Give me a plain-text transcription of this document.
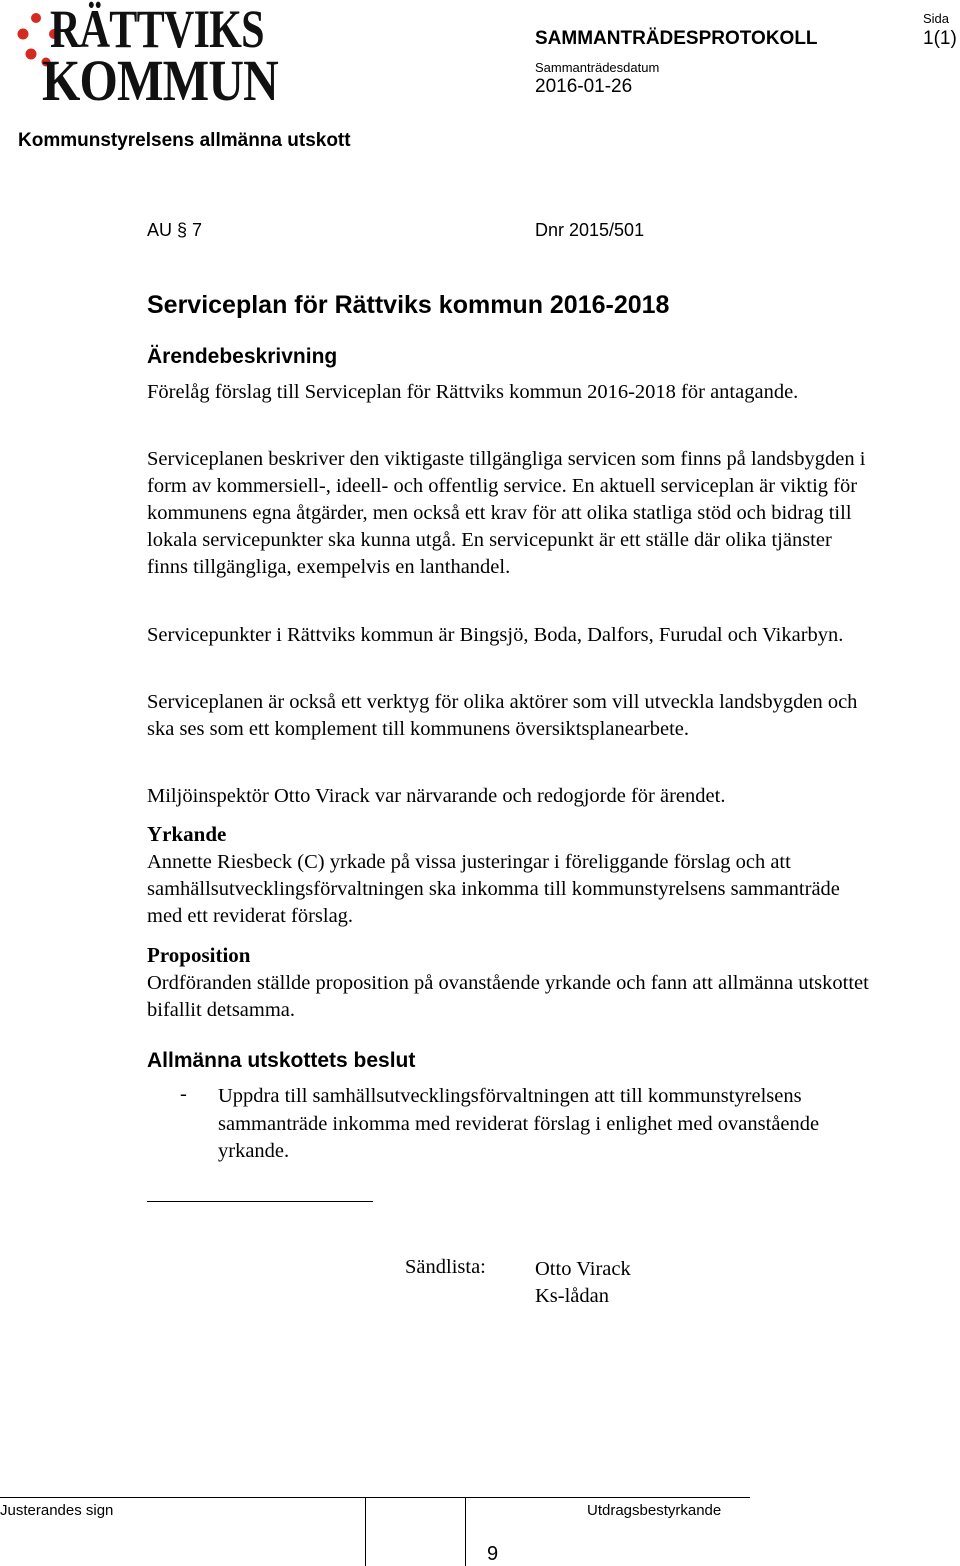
RÄTTVIKS
KOMMUN
SAMMANTRÄDESPROTOKOLL
Sammanträdesdatum
2016-01-26
Sida
1(1)
Kommunstyrelsens allmänna utskott
AU § 7	Dnr 2015/501
Serviceplan för Rättviks kommun 2016-2018
Ärendebeskrivning

Förelåg förslag till Serviceplan för Rättviks kommun 2016-2018 för antagande.

Serviceplanen beskriver den viktigaste tillgängliga servicen som finns på landsbygden i form av kommersiell-, ideell- och offentlig service. En aktuell serviceplan är viktig för kommunens egna åtgärder, men också ett krav för att olika statliga stöd och bidrag till lokala servicepunkter ska kunna utgå. En servicepunkt är ett ställe där olika tjänster finns tillgängliga, exempelvis en lanthandel.

Servicepunkter i Rättviks kommun är Bingsjö, Boda, Dalfors, Furudal och Vikarbyn.

Serviceplanen är också ett verktyg för olika aktörer som vill utveckla landsbygden och ska ses som ett komplement till kommunens översiktsplanearbete.

Miljöinspektör Otto Virack var närvarande och redogjorde för ärendet.

Yrkande

Annette Riesbeck (C) yrkade på vissa justeringar i föreliggande förslag och att samhällsutvecklingsförvaltningen ska inkomma till kommunstyrelsens sammanträde med ett reviderat förslag.

Proposition

Ordföranden ställde proposition på ovanstående yrkande och fann att allmänna utskottet bifallit detsamma.

Allmänna utskottets beslut
- Uppdra till samhällsutvecklingsförvaltningen att till kommunstyrelsens sammanträde inkomma med reviderat förslag i enlighet med ovanstående yrkande.
Sändlista: Otto Virack
Ks-lådan
Justerandes sign	Utdragsbestyrkande
9
